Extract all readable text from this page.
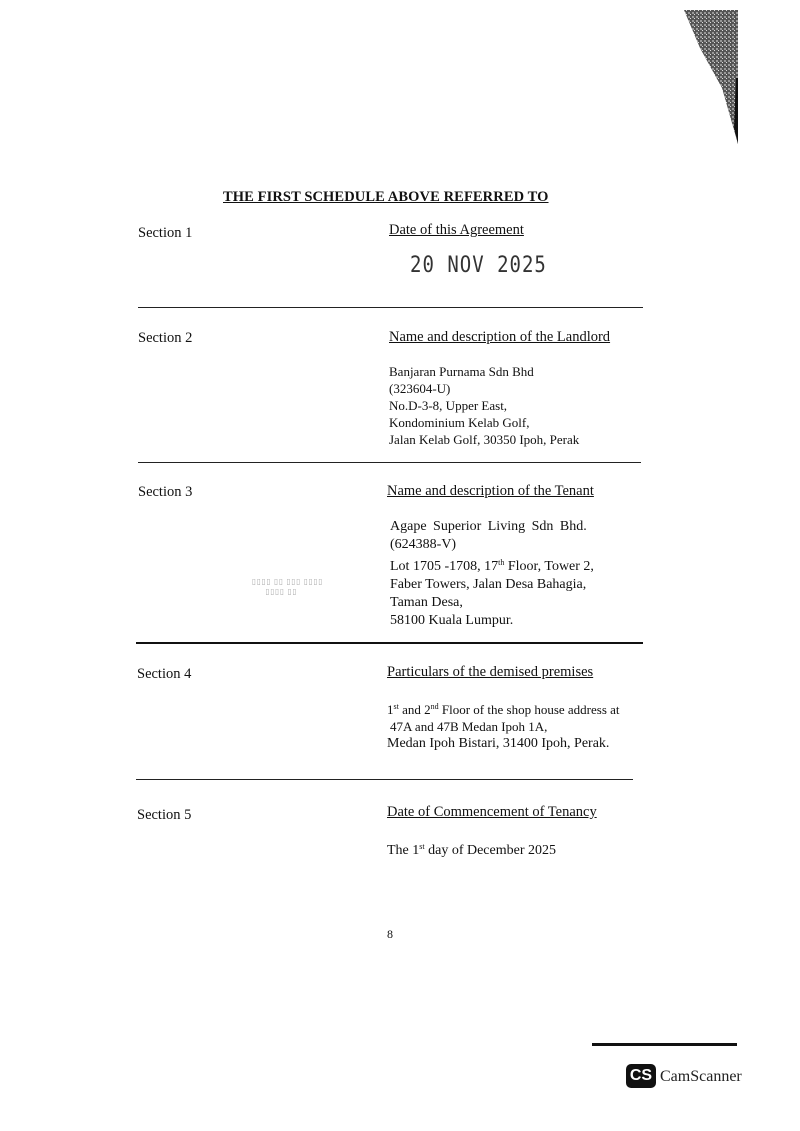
THE FIRST SCHEDULE ABOVE REFERRED TO
Section 1	Date of this Agreement
20 NOV 2025
Section 2	Name and description of the Landlord
Banjaran Purnama Sdn Bhd
(323604-U)
No.D-3-8, Upper East,
Kondominium Kelab Golf,
Jalan Kelab Golf, 30350 Ipoh, Perak
Section 3	Name and description of the Tenant
Agape Superior Living Sdn Bhd.
(624388-V)
Lot 1705 -1708, 17th Floor, Tower 2,
Faber Towers, Jalan Desa Bahagia,
Taman Desa,
58100 Kuala Lumpur.
Section 4	Particulars of the demised premises
1st and 2nd Floor of the shop house address at
47A and 47B Medan Ipoh 1A,
Medan Ipoh Bistari, 31400 Ipoh, Perak.
Section 5	Date of Commencement of Tenancy
The 1st day of December 2025
▯▯▯▯ ▯▯ ▯▯▯ ▯▯▯▯
▯▯▯▯ ▯▯
8
CS CamScanner
